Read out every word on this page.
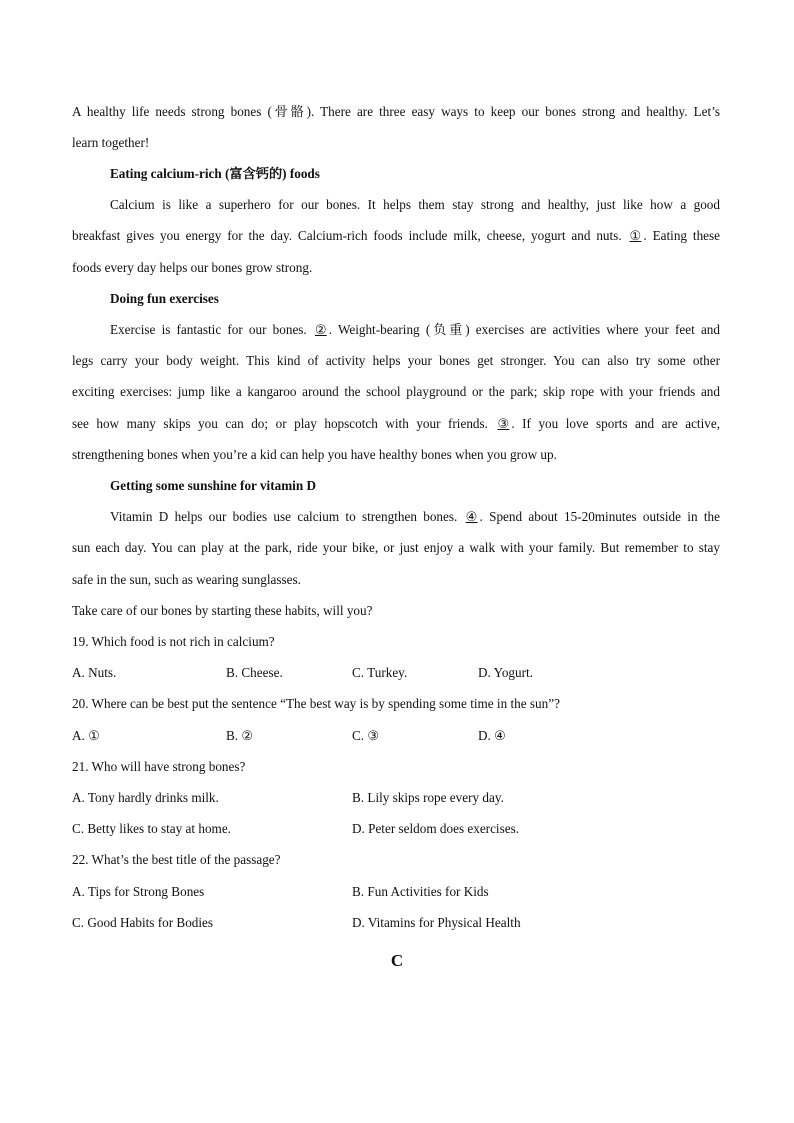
A healthy life needs strong bones (骨骼). There are three easy ways to keep our bones strong and healthy. Let’s
learn together!
Eating calcium-rich (富含钙的) foods
Calcium is like a superhero for our bones. It helps them stay strong and healthy, just like how a good
breakfast gives you energy for the day. Calcium-rich foods include milk, cheese, yogurt and nuts. ① . Eating these
foods every day helps our bones grow strong.
Doing fun exercises
Exercise is fantastic for our bones. ② . Weight-bearing (负重) exercises are activities where your feet and
legs carry your body weight. This kind of activity helps your bones get stronger. You can also try some other
exciting exercises: jump like a kangaroo around the school playground or the park; skip rope with your friends and
see how many skips you can do; or play hopscotch with your friends. ③ . If you love sports and are active,
strengthening bones when you’re a kid can help you have healthy bones when you grow up.
Getting some sunshine for vitamin D
Vitamin D helps our bodies use calcium to strengthen bones. ④ . Spend about 15-20minutes outside in the
sun each day. You can play at the park, ride your bike, or just enjoy a walk with your family. But remember to stay
safe in the sun, such as wearing sunglasses.
Take care of our bones by starting these habits, will you?
19. Which food is not rich in calcium?
A. Nuts.	B. Cheese.	C. Turkey.	D. Yogurt.
20. Where can be best put the sentence “The best way is by spending some time in the sun”?
A. ①	B. ②	C. ③	D. ④
21. Who will have strong bones?
A. Tony hardly drinks milk.	B. Lily skips rope every day.
C. Betty likes to stay at home.	D. Peter seldom does exercises.
22. What’s the best title of the passage?
A. Tips for Strong Bones	B. Fun Activities for Kids
C. Good Habits for Bodies	D. Vitamins for Physical Health
C
